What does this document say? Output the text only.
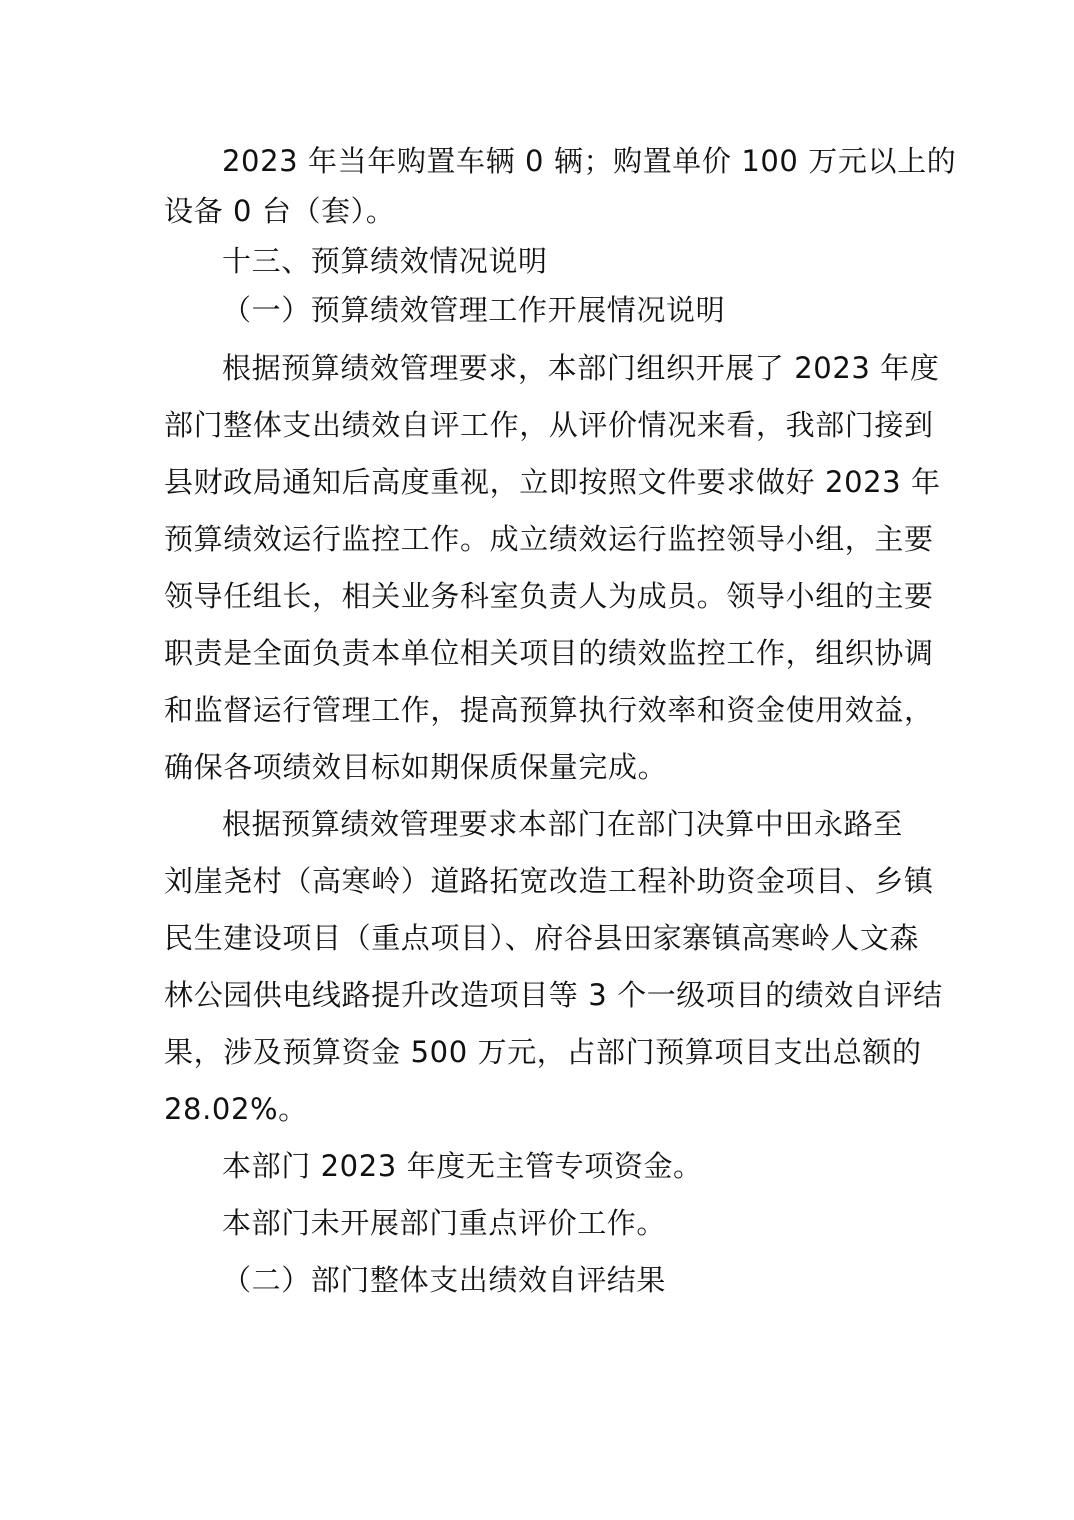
2023 年当年购置车辆 0 辆；购置单价 100 万元以上的
设备 0 台（套）。
十三、预算绩效情况说明
（一）预算绩效管理工作开展情况说明
根据预算绩效管理要求，本部门组织开展了 2023 年度
部门整体支出绩效自评工作，从评价情况来看，我部门接到
县财政局通知后高度重视，立即按照文件要求做好 2023 年
预算绩效运行监控工作。成立绩效运行监控领导小组，主要
领导任组长，相关业务科室负责人为成员。领导小组的主要
职责是全面负责本单位相关项目的绩效监控工作，组织协调
和监督运行管理工作，提高预算执行效率和资金使用效益，
确保各项绩效目标如期保质保量完成。
根据预算绩效管理要求本部门在部门决算中田永路至
刘崖尧村（高寒岭）道路拓宽改造工程补助资金项目、乡镇
民生建设项目（重点项目）、府谷县田家寨镇高寒岭人文森
林公园供电线路提升改造项目等 3 个一级项目的绩效自评结
果，涉及预算资金 500 万元，占部门预算项目支出总额的
28.02%。
本部门 2023 年度无主管专项资金。
本部门未开展部门重点评价工作。
（二）部门整体支出绩效自评结果
